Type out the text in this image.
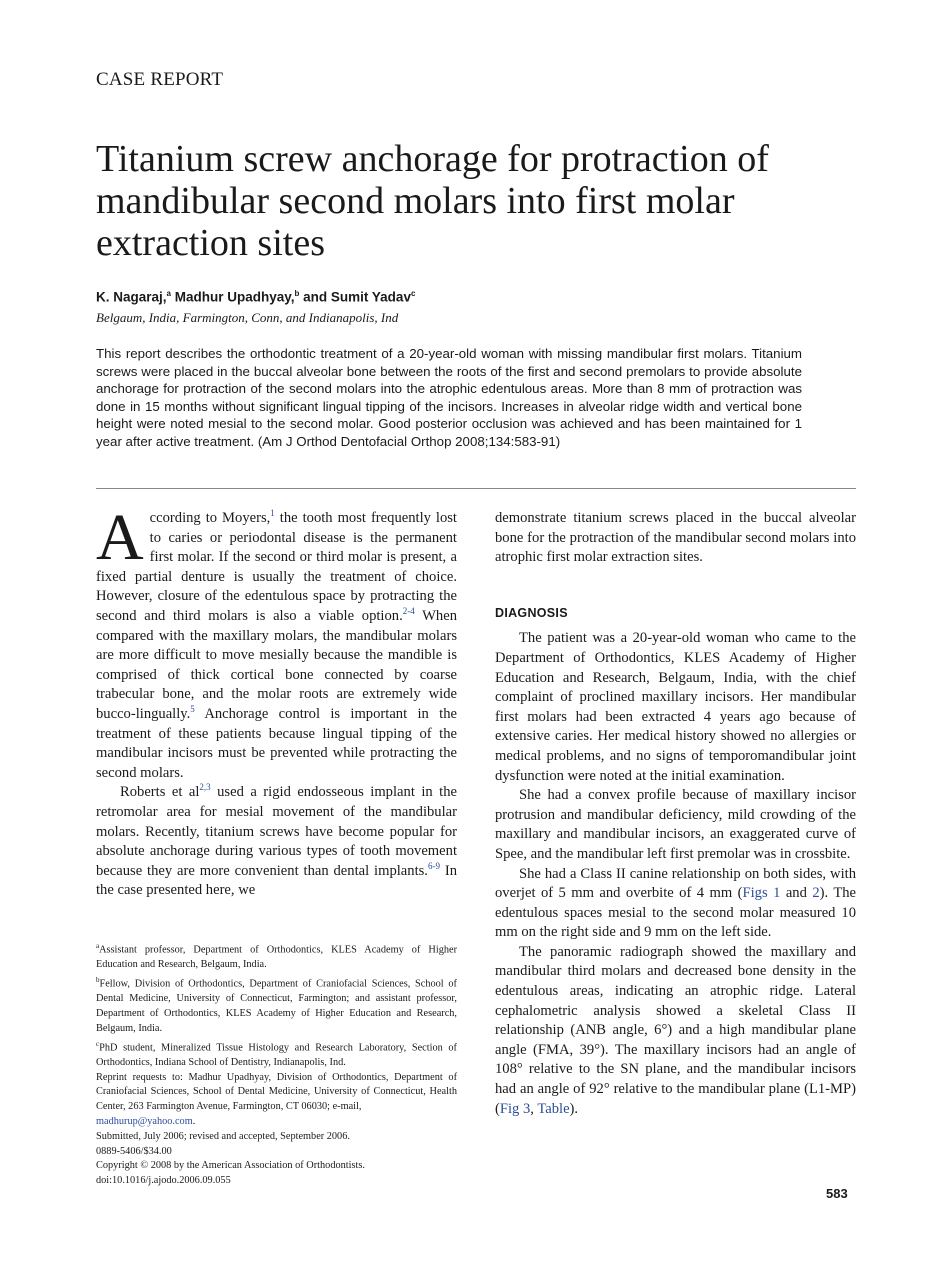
CASE REPORT
Titanium screw anchorage for protraction of mandibular second molars into first molar extraction sites
K. Nagaraj,$^a$ Madhur Upadhyay,$^b$ and Sumit Yadav$^c$
Belgaum, India, Farmington, Conn, and Indianapolis, Ind

This report describes the orthodontic treatment of a 20-year-old woman with missing mandibular first molars. Titanium screws were placed in the buccal alveolar bone between the roots of the first and second premolars to provide absolute anchorage for protraction of the second molars into the atrophic edentulous areas. More than 8 mm of protraction was done in 15 months without significant lingual tipping of the incisors. Increases in alveolar ridge width and vertical bone height were noted mesial to the second molar. Good posterior occlusion was achieved and has been maintained for 1 year after active treatment. (Am J Orthod Dentofacial Orthop 2008;134:583-91)

According to Moyers,$^1$ the tooth most frequently lost to caries or periodontal disease is the permanent first molar. If the second or third molar is present, a fixed partial denture is usually the treatment of choice. However, closure of the edentulous space by protracting the second and third molars is also a viable option.$^{2-4}$ When compared with the maxillary molars, the mandibular molars are more difficult to move mesially because the mandible is comprised of thick cortical bone connected by coarse trabecular bone, and the molar roots are extremely wide bucco-lingually.$^5$ Anchorage control is important in the treatment of these patients because lingual tipping of the mandibular incisors must be prevented while protracting the second molars.

Roberts et al$^{2,3}$ used a rigid endosseous implant in the retromolar area for mesial movement of the mandibular molars. Recently, titanium screws have become popular for absolute anchorage during various types of tooth movement because they are more convenient than dental implants.$^{6-9}$ In the case presented here, we

$^a$Assistant professor, Department of Orthodontics, KLES Academy of Higher Education and Research, Belgaum, India.

$^b$Fellow, Division of Orthodontics, Department of Craniofacial Sciences, School of Dental Medicine, University of Connecticut, Farmington; and assistant professor, Department of Orthodontics, KLES Academy of Higher Education and Research, Belgaum, India.

$^c$PhD student, Mineralized Tissue Histology and Research Laboratory, Section of Orthodontics, Indiana School of Dentistry, Indianapolis, Ind.

Reprint requests to: Madhur Upadhyay, Division of Orthodontics, Department of Craniofacial Sciences, School of Dental Medicine, University of Connecticut, Health Center, 263 Farmington Avenue, Farmington, CT 06030; e-mail,
madhurup@yahoo.com.

Submitted, July 2006; revised and accepted, September 2006.

0889-5406/$34.00

Copyright © 2008 by the American Association of Orthodontists.

doi:10.1016/j.ajodo.2006.09.055

demonstrate titanium screws placed in the buccal alveolar bone for the protraction of the mandibular second molars into atrophic first molar extraction sites.

DIAGNOSIS

The patient was a 20-year-old woman who came to the Department of Orthodontics, KLES Academy of Higher Education and Research, Belgaum, India, with the chief complaint of proclined maxillary incisors. Her mandibular first molars had been extracted 4 years ago because of extensive caries. Her medical history showed no allergies or medical problems, and no signs of temporomandibular joint dysfunction were noted at the initial examination.

She had a convex profile because of maxillary incisor protrusion and mandibular deficiency, mild crowding of the maxillary and mandibular incisors, an exaggerated curve of Spee, and the mandibular left first premolar was in crossbite.

She had a Class II canine relationship on both sides, with overjet of 5 mm and overbite of 4 mm (Figs 1 and 2). The edentulous spaces mesial to the second molar measured 10 mm on the right side and 9 mm on the left side.

The panoramic radiograph showed the maxillary and mandibular third molars and decreased bone density in the edentulous areas, indicating an atrophic ridge. Lateral cephalometric analysis showed a skeletal Class II relationship (ANB angle, 6°) and a high mandibular plane angle (FMA, 39°). The maxillary incisors had an angle of 108° relative to the SN plane, and the mandibular incisors had an angle of 92° relative to the mandibular plane (L1-MP) (Fig 3, Table).

583
